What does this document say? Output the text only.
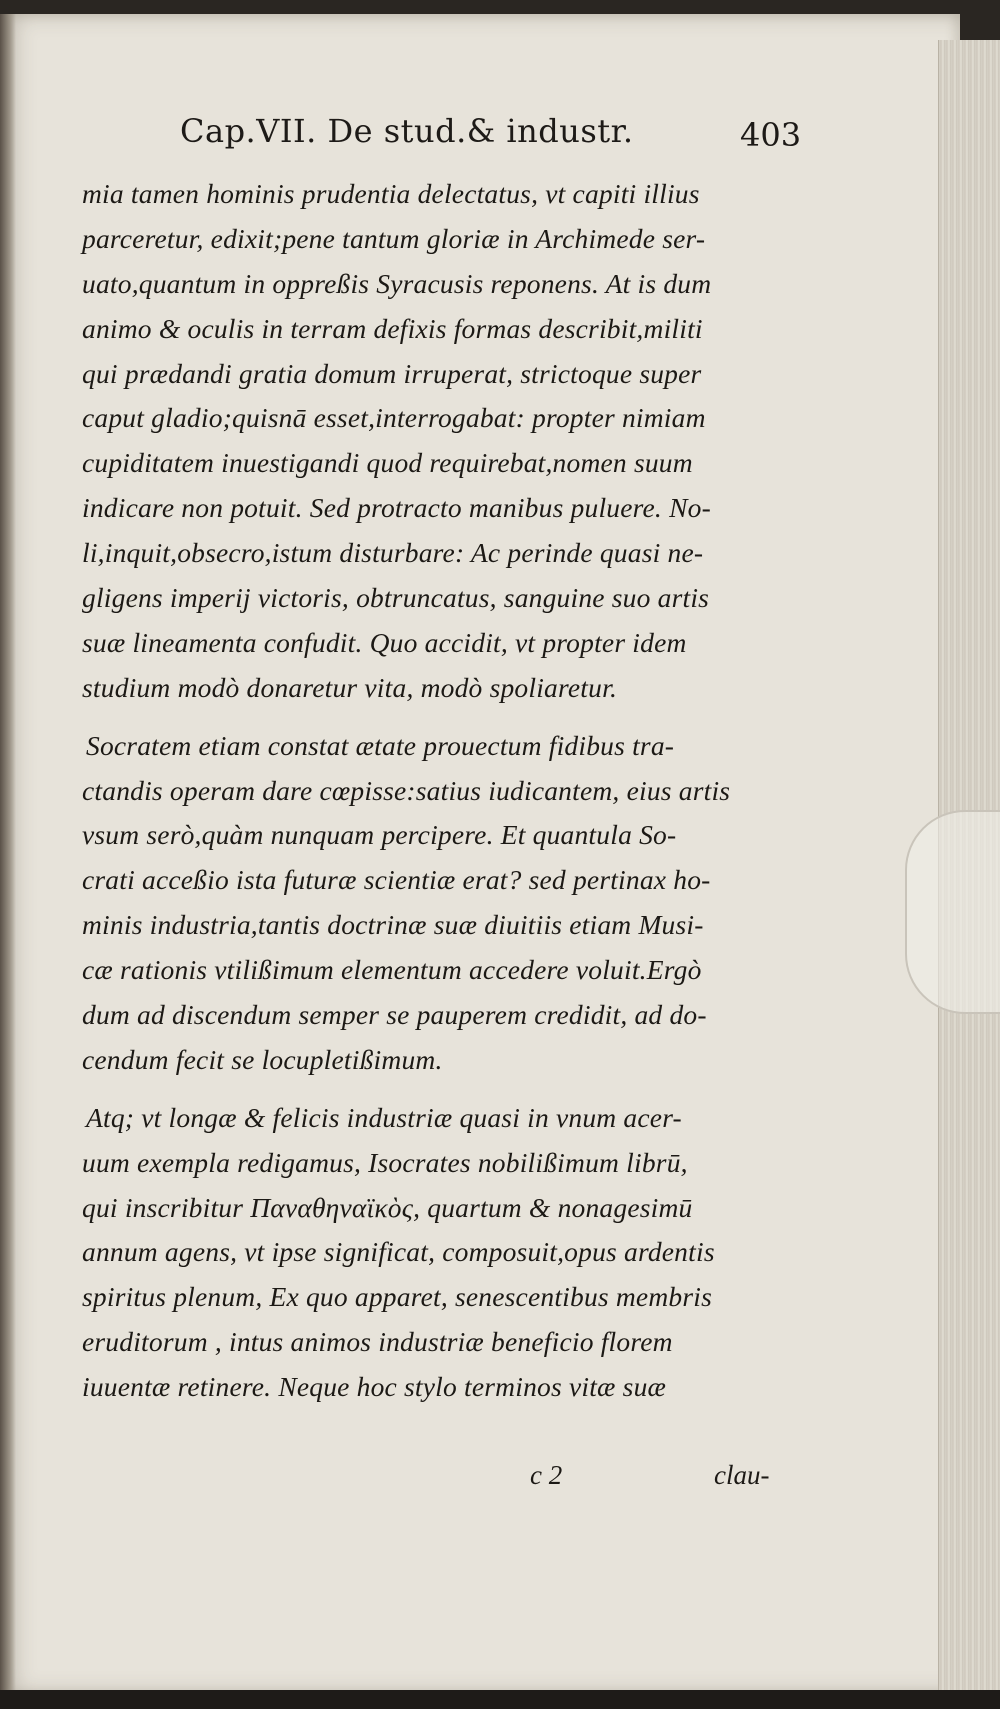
Cap.VII. De stud.& industr.	403
mia tamen hominis prudentia delectatus, vt capiti illius
parceretur, edixit;pene tantum gloriæ in Archimede ser-
uato,quantum in oppreßis Syracusis reponens. At is dum
animo & oculis in terram defixis formas describit,militi
qui prædandi gratia domum irruperat, strictoque super
caput gladio;quisnā esset,interrogabat: propter nimiam
cupiditatem inuestigandi quod requirebat,nomen suum
indicare non potuit. Sed protracto manibus puluere. No-
li,inquit,obsecro,istum disturbare: Ac perinde quasi ne-
gligens imperij victoris, obtruncatus, sanguine suo artis
suæ lineamenta confudit. Quo accidit, vt propter idem
studium modò donaretur vita, modò spoliaretur.
Socratem etiam constat ætate prouectum fidibus tra-
ctandis operam dare cœpisse:satius iudicantem, eius artis
vsum serò,quàm nunquam percipere. Et quantula So-
crati acceßio ista futuræ scientiæ erat? sed pertinax ho-
minis industria,tantis doctrinæ suæ diuitiis etiam Musi-
cæ rationis vtilißimum elementum accedere voluit.Ergò
dum ad discendum semper se pauperem credidit, ad do-
cendum fecit se locupletißimum.
Atq; vt longæ & felicis industriæ quasi in vnum acer-
uum exempla redigamus, Isocrates nobilißimum librū,
qui inscribitur Παναθηναϊκὸς, quartum & nonagesimū
annum agens, vt ipse significat, composuit,opus ardentis
spiritus plenum, Ex quo apparet, senescentibus membris
eruditorum , intus animos industriæ beneficio florem
iuuentæ retinere. Neque hoc stylo terminos vitæ suæ
c 2	clau-
